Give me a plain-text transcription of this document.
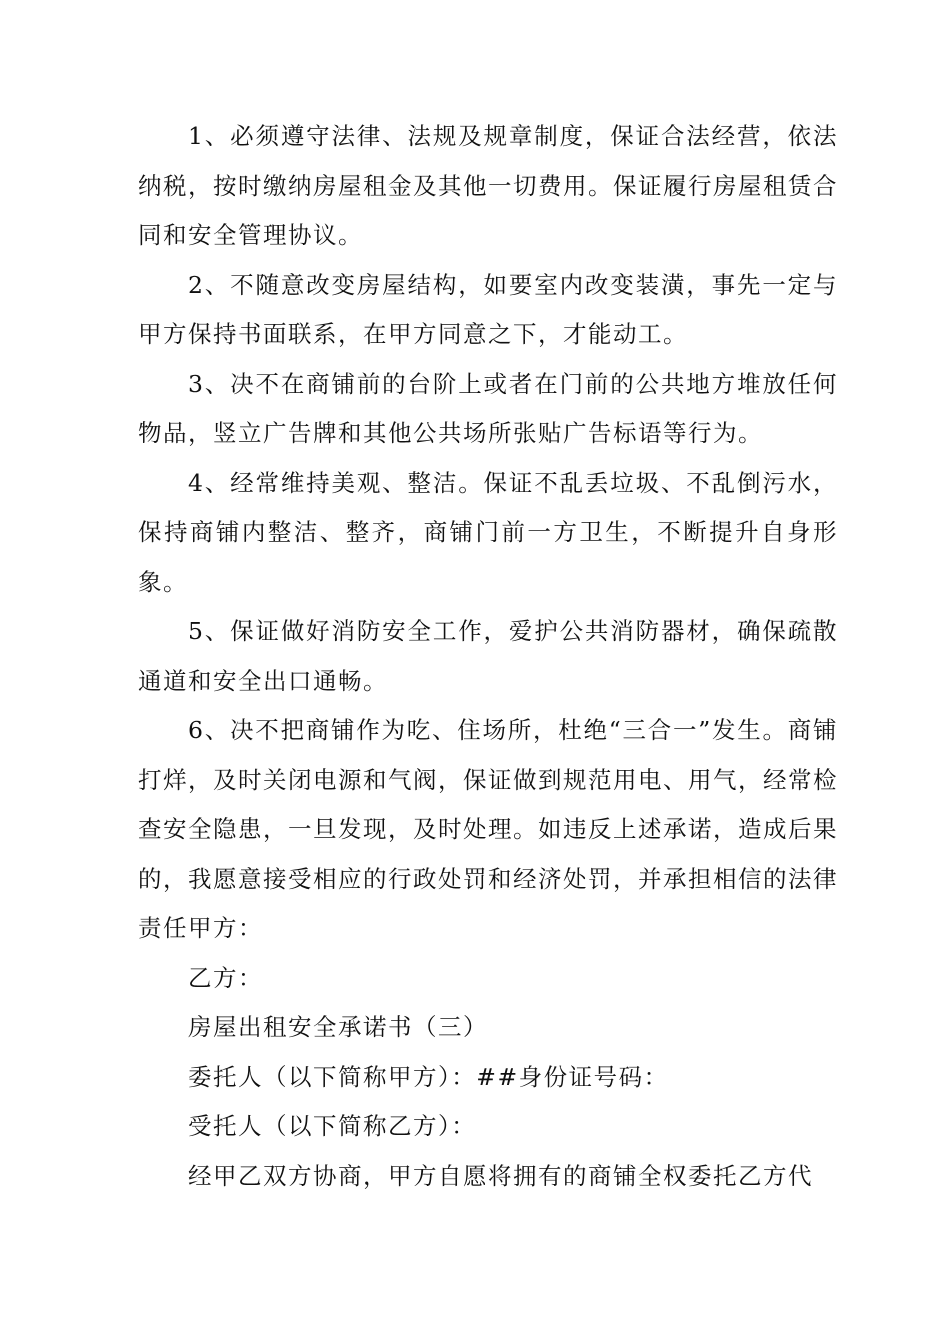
1、必须遵守法律、法规及规章制度，保证合法经营，依法纳税，按时缴纳房屋租金及其他一切费用。保证履行房屋租赁合同和安全管理协议。

2、不随意改变房屋结构，如要室内改变装潢，事先一定与甲方保持书面联系，在甲方同意之下，才能动工。

3、决不在商铺前的台阶上或者在门前的公共地方堆放任何物品，竖立广告牌和其他公共场所张贴广告标语等行为。

4、经常维持美观、整洁。保证不乱丢垃圾、不乱倒污水，保持商铺内整洁、整齐，商铺门前一方卫生，不断提升自身形象。

5、保证做好消防安全工作，爱护公共消防器材，确保疏散通道和安全出口通畅。

6、决不把商铺作为吃、住场所，杜绝“三合一”发生。商铺打烊，及时关闭电源和气阀，保证做到规范用电、用气，经常检查安全隐患，一旦发现，及时处理。如违反上述承诺，造成后果的，我愿意接受相应的行政处罚和经济处罚，并承担相信的法律责任甲方：

乙方：

房屋出租安全承诺书（三）

委托人（以下简称甲方）：##身份证号码：

受托人（以下简称乙方）：

经甲乙双方协商，甲方自愿将拥有的商铺全权委托乙方代
